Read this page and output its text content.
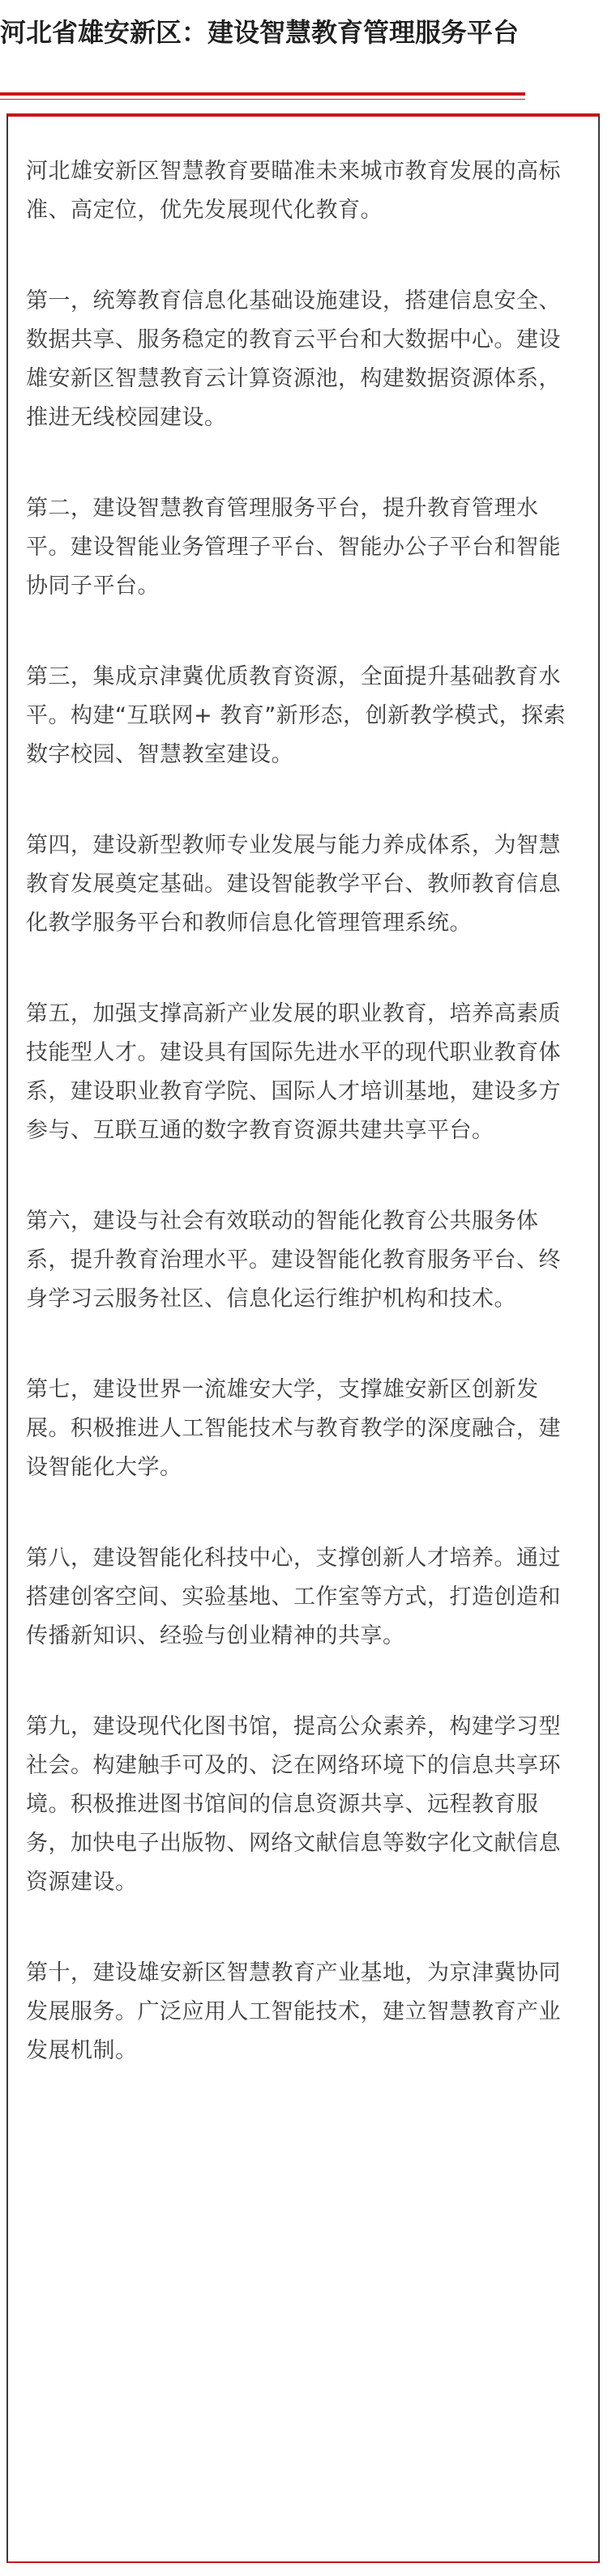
河北省雄安新区：建设智慧教育管理服务平台

河北雄安新区智慧教育要瞄准未来城市教育发展的高标准、高定位，优先发展现代化教育。

第一，统筹教育信息化基础设施建设，搭建信息安全、数据共享、服务稳定的教育云平台和大数据中心。建设雄安新区智慧教育云计算资源池，构建数据资源体系，推进无线校园建设。

第二，建设智慧教育管理服务平台，提升教育管理水平。建设智能业务管理子平台、智能办公子平台和智能协同子平台。

第三，集成京津冀优质教育资源，全面提升基础教育水平。构建“互联网+ 教育”新形态，创新教学模式，探索数字校园、智慧教室建设。

第四，建设新型教师专业发展与能力养成体系，为智慧教育发展奠定基础。建设智能教学平台、教师教育信息化教学服务平台和教师信息化管理管理系统。

第五，加强支撑高新产业发展的职业教育，培养高素质技能型人才。建设具有国际先进水平的现代职业教育体系，建设职业教育学院、国际人才培训基地，建设多方参与、互联互通的数字教育资源共建共享平台。

第六，建设与社会有效联动的智能化教育公共服务体系，提升教育治理水平。建设智能化教育服务平台、终身学习云服务社区、信息化运行维护机构和技术。

第七，建设世界一流雄安大学，支撑雄安新区创新发展。积极推进人工智能技术与教育教学的深度融合，建设智能化大学。

第八，建设智能化科技中心，支撑创新人才培养。通过搭建创客空间、实验基地、工作室等方式，打造创造和传播新知识、经验与创业精神的共享。

第九，建设现代化图书馆，提高公众素养，构建学习型社会。构建触手可及的、泛在网络环境下的信息共享环境。积极推进图书馆间的信息资源共享、远程教育服务，加快电子出版物、网络文献信息等数字化文献信息资源建设。

第十，建设雄安新区智慧教育产业基地，为京津冀协同发展服务。广泛应用人工智能技术，建立智慧教育产业发展机制。
